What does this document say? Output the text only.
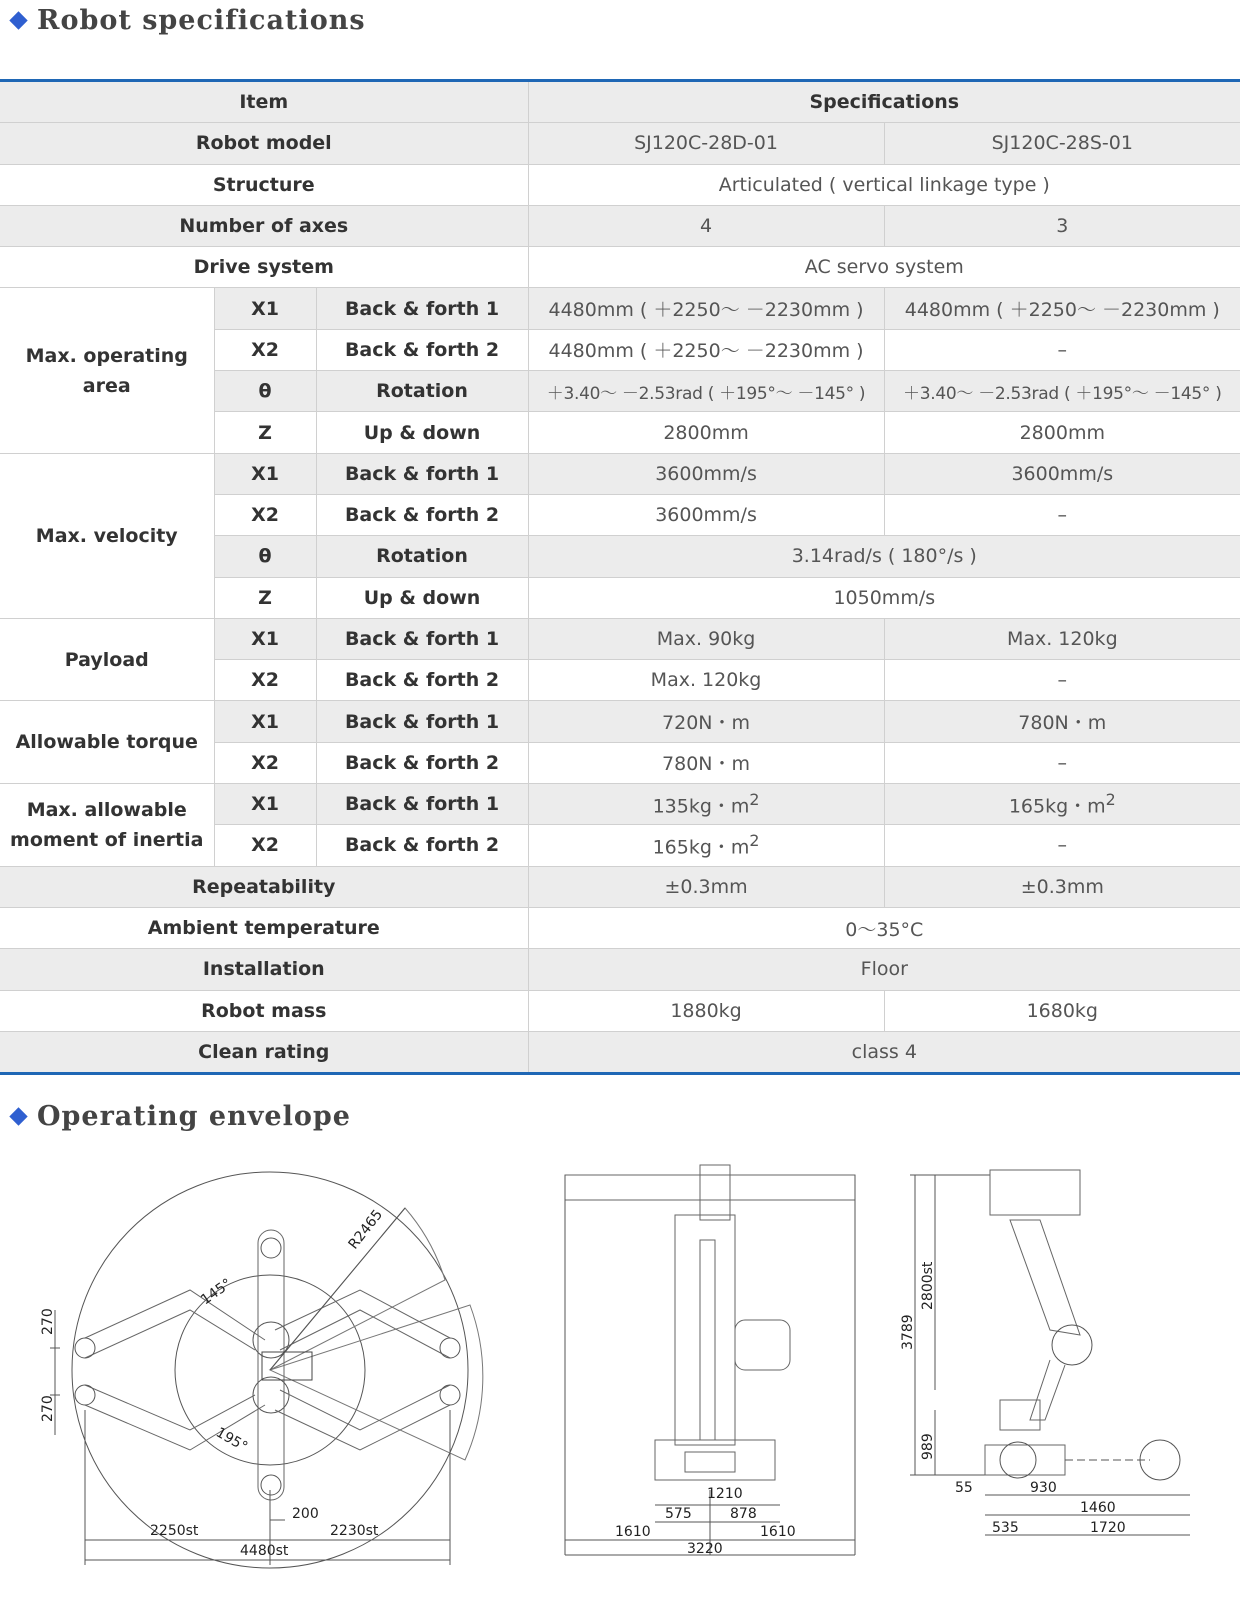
Robot specifications
Item			Specifications	
Robot model			SJ120C-28D-01	SJ120C-28S-01
Structure			Articulated ( vertical linkage type )	
Number of axes			4	3
Drive system			AC servo system	
Max. operating area	X1	Back & forth 1	4480mm ( ＋2250～ －2230mm )	4480mm ( ＋2250～ －2230mm )
	X2	Back & forth 2	4480mm ( ＋2250～ －2230mm )	–
	θ	Rotation	＋3.40～ －2.53rad ( ＋195°～ －145° )	＋3.40～ －2.53rad ( ＋195°～ －145° )
	Z	Up & down	2800mm	2800mm
Max. velocity	X1	Back & forth 1	3600mm/s	3600mm/s
	X2	Back & forth 2	3600mm/s	–
	θ	Rotation	3.14rad/s ( 180°/s )	
	Z	Up & down	1050mm/s	
Payload	X1	Back & forth 1	Max. 90kg	Max. 120kg
	X2	Back & forth 2	Max. 120kg	–
Allowable torque	X1	Back & forth 1	720N・m	780N・m
	X2	Back & forth 2	780N・m	–
Max. allowable
moment of inertia	X1	Back & forth 1	135kg・$m^2$	165kg・$m^2$
	X2	Back & forth 2	165kg・$m^2$	–
Repeatability			±0.3mm	±0.3mm
Ambient temperature			0～35°C	
Installation			Floor	
Robot mass			1880kg	1680kg
Clean rating			class 4	
Operating envelope
R2465
145°
195°
270
270
200
2250st	2230st
4480st
1210
575	878
1610	1610
3220
3789
2800st
989
55	930
1460
535	1720
